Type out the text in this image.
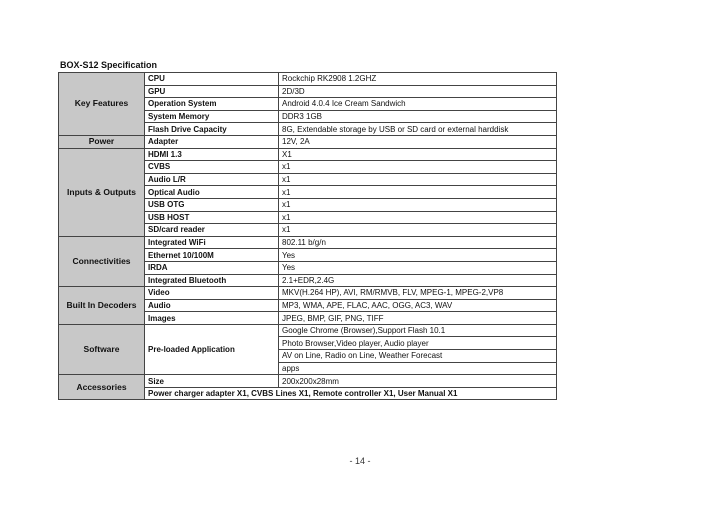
BOX-S12 Specification
Key Features	CPU	Rockchip RK2908 1.2GHZ
	GPU	2D/3D
	Operation System	Android 4.0.4 Ice Cream Sandwich
	System Memory	DDR3 1GB
	Flash Drive Capacity	8G, Extendable storage by USB or SD card or external harddisk
Power	Adapter	12V, 2A
Inputs & Outputs	HDMI 1.3	X1
	CVBS	x1
	Audio L/R	x1
	Optical Audio	x1
	USB OTG	x1
	USB HOST	x1
	SD/card reader	x1
Connectivities	Integrated WiFi	802.11 b/g/n
	Ethernet 10/100M	Yes
	IRDA	Yes
	Integrated Bluetooth	2.1+EDR,2.4G
Built In Decoders	Video	MKV(H.264 HP), AVI, RM/RMVB, FLV, MPEG-1, MPEG-2,VP8
	Audio	MP3, WMA, APE, FLAC, AAC, OGG, AC3, WAV
	Images	JPEG, BMP, GIF, PNG, TIFF
Software	Pre-loaded Application	Google Chrome (Browser),Support Flash 10.1
		Photo Browser,Video player, Audio player
		AV on Line, Radio on Line, Weather Forecast
		apps
Accessories	Size	200x200x28mm
	Power charger adapter X1, CVBS Lines X1, Remote controller X1, User Manual X1	
- 14 -
